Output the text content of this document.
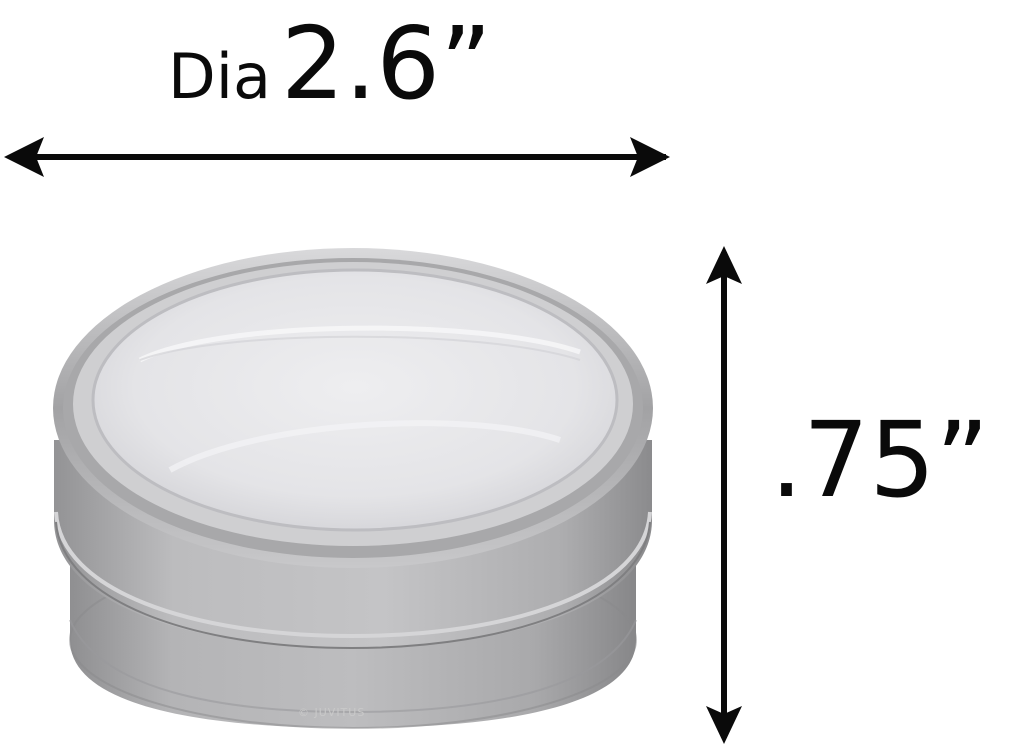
Dia 2.6”
.75”
© JUVITUS
